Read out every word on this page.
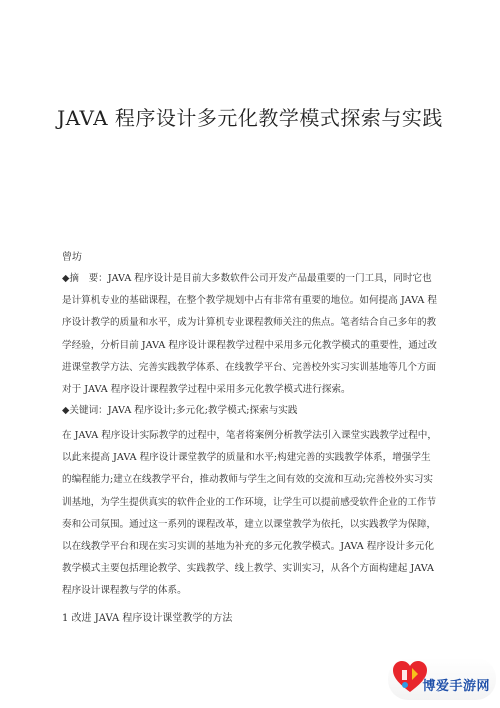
JAVA 程序设计多元化教学模式探索与实践
曾坊
◆摘　要：JAVA 程序设计是目前大多数软件公司开发产品最重要的一门工具，同时它也是计算机专业的基础课程，在整个教学规划中占有非常有重要的地位。如何提高 JAVA 程序设计教学的质量和水平，成为计算机专业课程教师关注的焦点。笔者结合自己多年的教学经验，分析目前 JAVA 程序设计课程教学过程中采用多元化教学模式的重要性，通过改进课堂教学方法、完善实践教学体系、在线教学平台、完善校外实习实训基地等几个方面对于 JAVA 程序设计课程教学过程中采用多元化教学模式进行探索。
◆关键词：JAVA 程序设计;多元化;教学模式;探索与实践
在 JAVA 程序设计实际教学的过程中，笔者将案例分析教学法引入课堂实践教学过程中，以此来提高 JAVA 程序设计课堂教学的质量和水平;构建完善的实践教学体系，增强学生的编程能力;建立在线教学平台，推动教师与学生之间有效的交流和互动;完善校外实习实训基地，为学生提供真实的软件企业的工作环境，让学生可以提前感受软件企业的工作节奏和公司氛围。通过这一系列的课程改革，建立以课堂教学为依托，以实践教学为保障，以在线教学平台和现在实习实训的基地为补充的多元化教学模式。JAVA 程序设计多元化教学模式主要包括理论教学、实践教学、线上教学、实训实习，从各个方面构建起 JAVA 程序设计课程教与学的体系。
1 改进 JAVA 程序设计课堂教学的方法
博爱手游网
